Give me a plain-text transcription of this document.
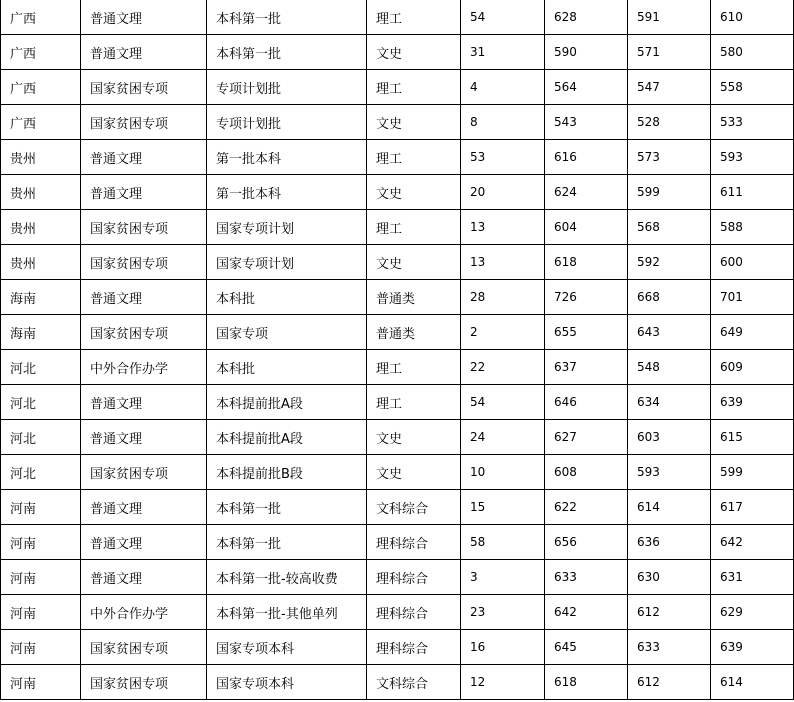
广西	普通文理	本科第一批	理工	54	628	591	610
广西	普通文理	本科第一批	文史	31	590	571	580
广西	国家贫困专项	专项计划批	理工	4	564	547	558
广西	国家贫困专项	专项计划批	文史	8	543	528	533
贵州	普通文理	第一批本科	理工	53	616	573	593
贵州	普通文理	第一批本科	文史	20	624	599	611
贵州	国家贫困专项	国家专项计划	理工	13	604	568	588
贵州	国家贫困专项	国家专项计划	文史	13	618	592	600
海南	普通文理	本科批	普通类	28	726	668	701
海南	国家贫困专项	国家专项	普通类	2	655	643	649
河北	中外合作办学	本科批	理工	22	637	548	609
河北	普通文理	本科提前批A段	理工	54	646	634	639
河北	普通文理	本科提前批A段	文史	24	627	603	615
河北	国家贫困专项	本科提前批B段	文史	10	608	593	599
河南	普通文理	本科第一批	文科综合	15	622	614	617
河南	普通文理	本科第一批	理科综合	58	656	636	642
河南	普通文理	本科第一批-较高收费	理科综合	3	633	630	631
河南	中外合作办学	本科第一批-其他单列	理科综合	23	642	612	629
河南	国家贫困专项	国家专项本科	理科综合	16	645	633	639
河南	国家贫困专项	国家专项本科	文科综合	12	618	612	614
